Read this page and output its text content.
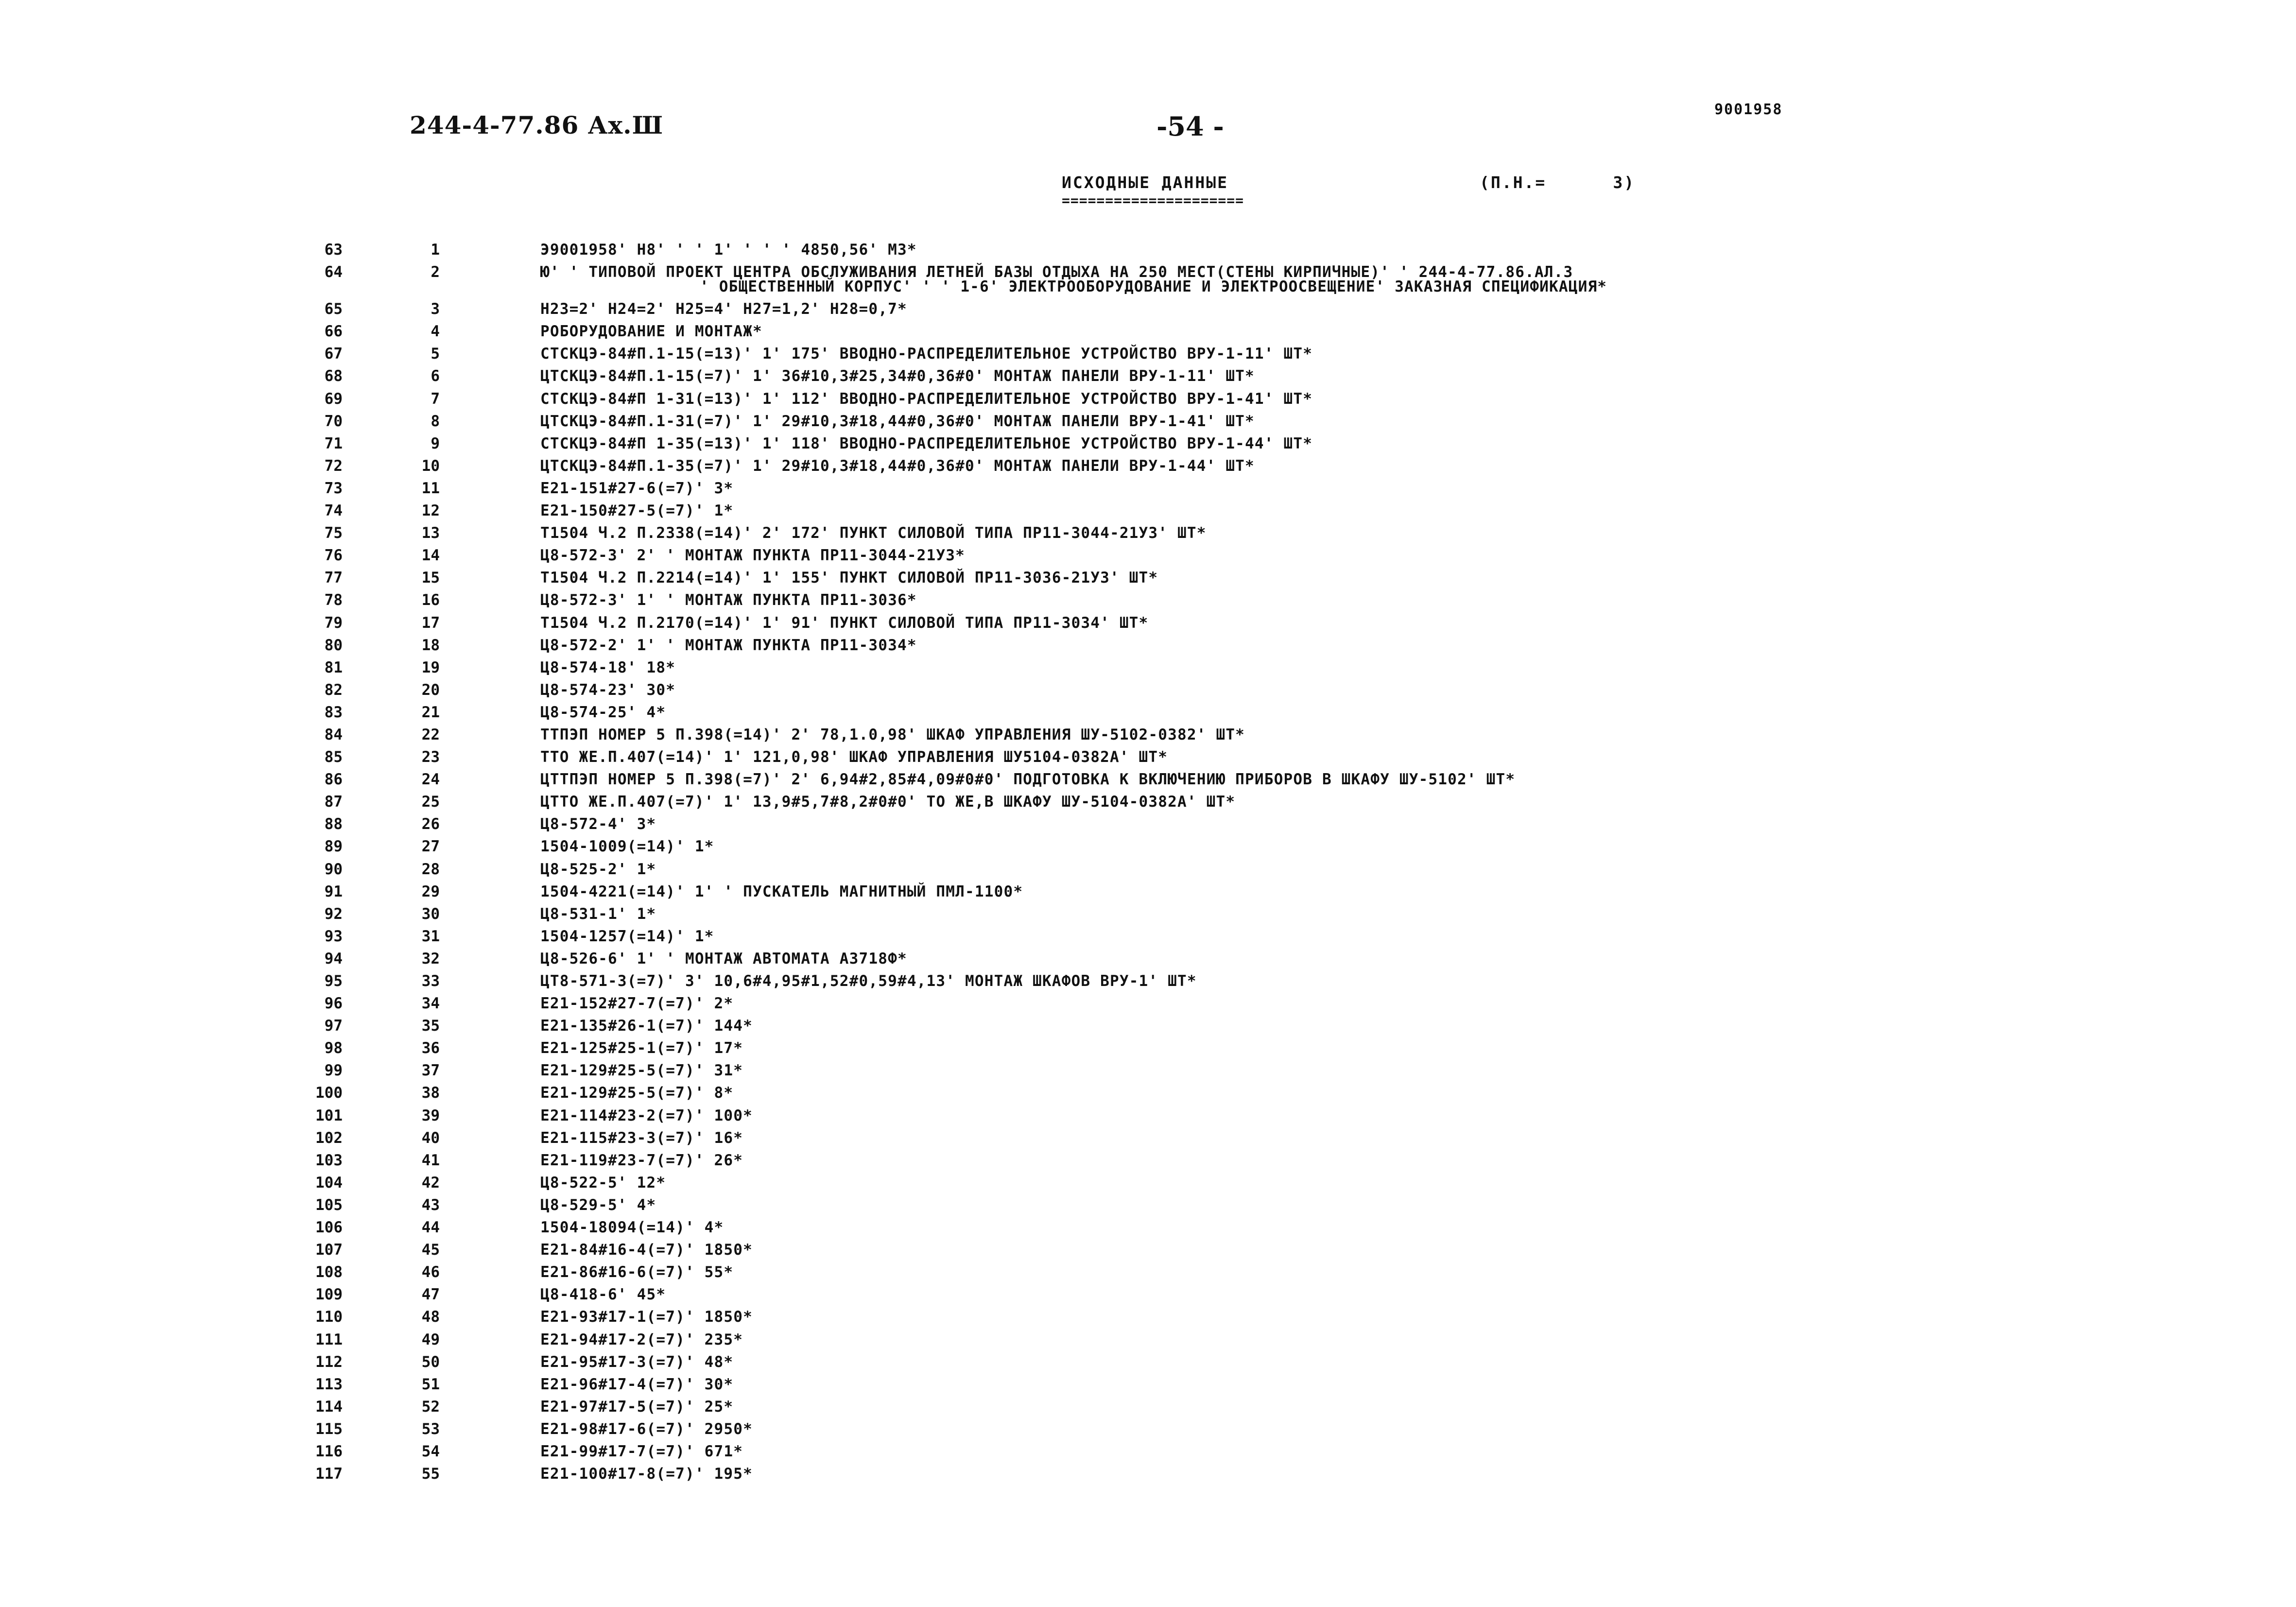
244-4-77.86 Ах.Ш	-54 -
9001958
ИСХОДНЫЕ ДАННЫЕ
=====================
(П.Н.=      3)
63	1	Э9001958' Н8' ' ' 1' ' ' ' 4850,56' М3*
64	2	Ю' ' ТИПОВОЙ ПРОЕКТ ЦЕНТРА ОБСЛУЖИВАНИЯ ЛЕТНЕЙ БАЗЫ ОТДЫХА НА 250 МЕСТ(СТЕНЫ КИРПИЧНЫЕ)' ' 244-4-77.86.АЛ.3
' ОБЩЕСТВЕННЫЙ КОРПУС' ' ' 1-6' ЭЛЕКТРООБОРУДОВАНИЕ И ЭЛЕКТРООСВЕЩЕНИЕ' ЗАКАЗНАЯ СПЕЦИФИКАЦИЯ*
65	3	Н23=2' Н24=2' Н25=4' Н27=1,2' Н28=0,7*
66	4	РОБОРУДОВАНИЕ И МОНТАЖ*
67	5	СТСКЦЭ-84#П.1-15(=13)' 1' 175' ВВОДНО-РАСПРЕДЕЛИТЕЛЬНОЕ УСТРОЙСТВО ВРУ-1-11' ШТ*
68	6	ЦТСКЦЭ-84#П.1-15(=7)' 1' 36#10,3#25,34#0,36#0' МОНТАЖ ПАНЕЛИ ВРУ-1-11' ШТ*
69	7	СТСКЦЭ-84#П 1-31(=13)' 1' 112' ВВОДНО-РАСПРЕДЕЛИТЕЛЬНОЕ УСТРОЙСТВО ВРУ-1-41' ШТ*
70	8	ЦТСКЦЭ-84#П.1-31(=7)' 1' 29#10,3#18,44#0,36#0' МОНТАЖ ПАНЕЛИ ВРУ-1-41' ШТ*
71	9	СТСКЦЭ-84#П 1-35(=13)' 1' 118' ВВОДНО-РАСПРЕДЕЛИТЕЛЬНОЕ УСТРОЙСТВО ВРУ-1-44' ШТ*
72	10	ЦТСКЦЭ-84#П.1-35(=7)' 1' 29#10,3#18,44#0,36#0' МОНТАЖ ПАНЕЛИ ВРУ-1-44' ШТ*
73	11	Е21-151#27-6(=7)' 3*
74	12	Е21-150#27-5(=7)' 1*
75	13	Т1504 Ч.2 П.2338(=14)' 2' 172' ПУНКТ СИЛОВОЙ ТИПА ПР11-3044-21У3' ШТ*
76	14	Ц8-572-3' 2' ' МОНТАЖ ПУНКТА ПР11-3044-21У3*
77	15	Т1504 Ч.2 П.2214(=14)' 1' 155' ПУНКТ СИЛОВОЙ ПР11-3036-21У3' ШТ*
78	16	Ц8-572-3' 1' ' МОНТАЖ ПУНКТА ПР11-3036*
79	17	Т1504 Ч.2 П.2170(=14)' 1' 91' ПУНКТ СИЛОВОЙ ТИПА ПР11-3034' ШТ*
80	18	Ц8-572-2' 1' ' МОНТАЖ ПУНКТА ПР11-3034*
81	19	Ц8-574-18' 18*
82	20	Ц8-574-23' 30*
83	21	Ц8-574-25' 4*
84	22	ТТПЭП НОМЕР 5 П.398(=14)' 2' 78,1.0,98' ШКАФ УПРАВЛЕНИЯ ШУ-5102-0382' ШТ*
85	23	ТТО ЖЕ.П.407(=14)' 1' 121,0,98' ШКАФ УПРАВЛЕНИЯ ШУ5104-0382А' ШТ*
86	24	ЦТТПЭП НОМЕР 5 П.398(=7)' 2' 6,94#2,85#4,09#0#0' ПОДГОТОВКА К ВКЛЮЧЕНИЮ ПРИБОРОВ В ШКАФУ ШУ-5102' ШТ*
87	25	ЦТТО ЖЕ.П.407(=7)' 1' 13,9#5,7#8,2#0#0' ТО ЖЕ,В ШКАФУ ШУ-5104-0382А' ШТ*
88	26	Ц8-572-4' 3*
89	27	1504-1009(=14)' 1*
90	28	Ц8-525-2' 1*
91	29	1504-4221(=14)' 1' ' ПУСКАТЕЛЬ МАГНИТНЫЙ ПМЛ-1100*
92	30	Ц8-531-1' 1*
93	31	1504-1257(=14)' 1*
94	32	Ц8-526-6' 1' ' МОНТАЖ АВТОМАТА А3718Ф*
95	33	ЦТ8-571-3(=7)' 3' 10,6#4,95#1,52#0,59#4,13' МОНТАЖ ШКАФОВ ВРУ-1' ШТ*
96	34	Е21-152#27-7(=7)' 2*
97	35	Е21-135#26-1(=7)' 144*
98	36	Е21-125#25-1(=7)' 17*
99	37	Е21-129#25-5(=7)' 31*
100	38	Е21-129#25-5(=7)' 8*
101	39	Е21-114#23-2(=7)' 100*
102	40	Е21-115#23-3(=7)' 16*
103	41	Е21-119#23-7(=7)' 26*
104	42	Ц8-522-5' 12*
105	43	Ц8-529-5' 4*
106	44	1504-18094(=14)' 4*
107	45	Е21-84#16-4(=7)' 1850*
108	46	Е21-86#16-6(=7)' 55*
109	47	Ц8-418-6' 45*
110	48	Е21-93#17-1(=7)' 1850*
111	49	Е21-94#17-2(=7)' 235*
112	50	Е21-95#17-3(=7)' 48*
113	51	Е21-96#17-4(=7)' 30*
114	52	Е21-97#17-5(=7)' 25*
115	53	Е21-98#17-6(=7)' 2950*
116	54	Е21-99#17-7(=7)' 671*
117	55	Е21-100#17-8(=7)' 195*
